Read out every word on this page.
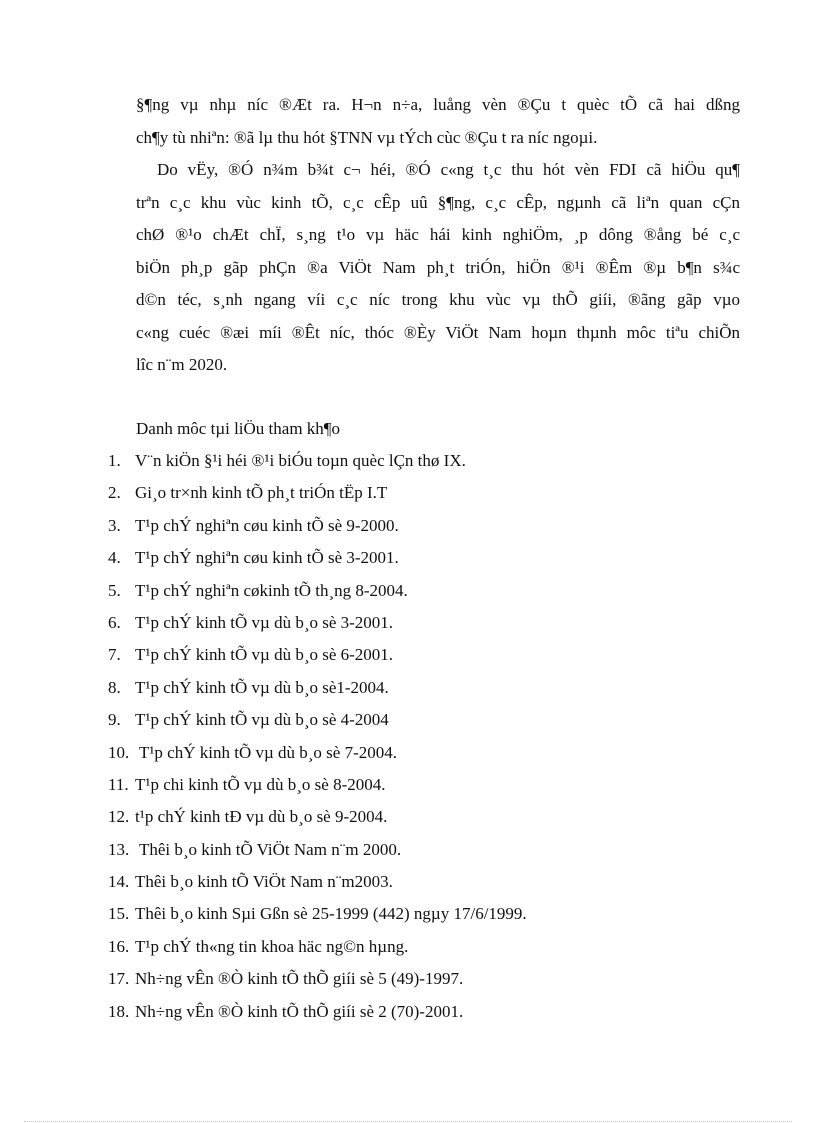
§¶ng vµ nhµ níc ®Æt ra. H¬n n÷a, luång vèn ®Çu t quèc tÕ cã hai dßng
ch¶y tù nhiªn: ®ã lµ thu hót §TNN vµ tÝch cùc ®Çu t ra níc ngoµi.
Do vËy, ®Ó n¾m b¾t c¬ héi, ®Ó c«ng t¸c thu hót vèn FDI cã hiÖu qu¶
trªn c¸c khu vùc kinh tÕ, c¸c cÊp uû §¶ng, c¸c cÊp, ngµnh cã liªn quan cÇn
chØ ®¹o chÆt chÏ, s¸ng t¹o vµ häc hái kinh nghiÖm, ¸p dông ®ång bé c¸c
biÖn ph¸p gãp phÇn ®a ViÖt Nam ph¸t triÓn, hiÖn ®¹i ®Êm ®µ b¶n s¾c
d©n téc, s¸nh ngang víi c¸c níc trong khu vùc vµ thÕ giíi, ®ãng gãp vµo
c«ng cuéc ®æi míi ®Êt níc, thóc ®Èy ViÖt Nam hoµn thµnh môc tiªu chiÕn
lîc n¨m 2020.
Danh môc tµi liÖu tham kh¶o
1. V¨n kiÖn §¹i héi ®¹i biÓu toµn quèc lÇn thø IX.
2. Gi¸o tr×nh kinh tÕ ph¸t triÓn tËp I.T
3. T¹p chÝ nghiªn cøu kinh tÕ sè 9-2000.
4. T¹p chÝ nghiªn cøu kinh tÕ sè 3-2001.
5. T¹p chÝ nghiªn cøkinh tÕ th¸ng 8-2004.
6. T¹p chÝ kinh tÕ vµ dù b¸o sè 3-2001.
7. T¹p chÝ kinh tÕ vµ dù b¸o sè 6-2001.
8. T¹p chÝ kinh tÕ vµ dù b¸o sè1-2004.
9. T¹p chÝ kinh tÕ vµ dù b¸o sè 4-2004
10. T¹p chÝ kinh tÕ vµ dù b¸o sè 7-2004.
11. T¹p chi kinh tÕ vµ dù b¸o sè 8-2004.
12. t¹p chÝ kinh tÐ vµ dù b¸o sè 9-2004.
13. Thêi b¸o kinh tÕ ViÖt Nam n¨m 2000.
14. Thêi b¸o kinh tÕ ViÖt Nam n¨m2003.
15. Thêi b¸o kinh Sµi Gßn sè 25-1999 (442) ngµy 17/6/1999.
16. T¹p chÝ th«ng tin khoa häc ng©n hµng.
17. Nh÷ng vÊn ®Ò kinh tÕ thÕ giíi sè 5 (49)-1997.
18. Nh÷ng vÊn ®Ò kinh tÕ thÕ giíi sè 2 (70)-2001.
